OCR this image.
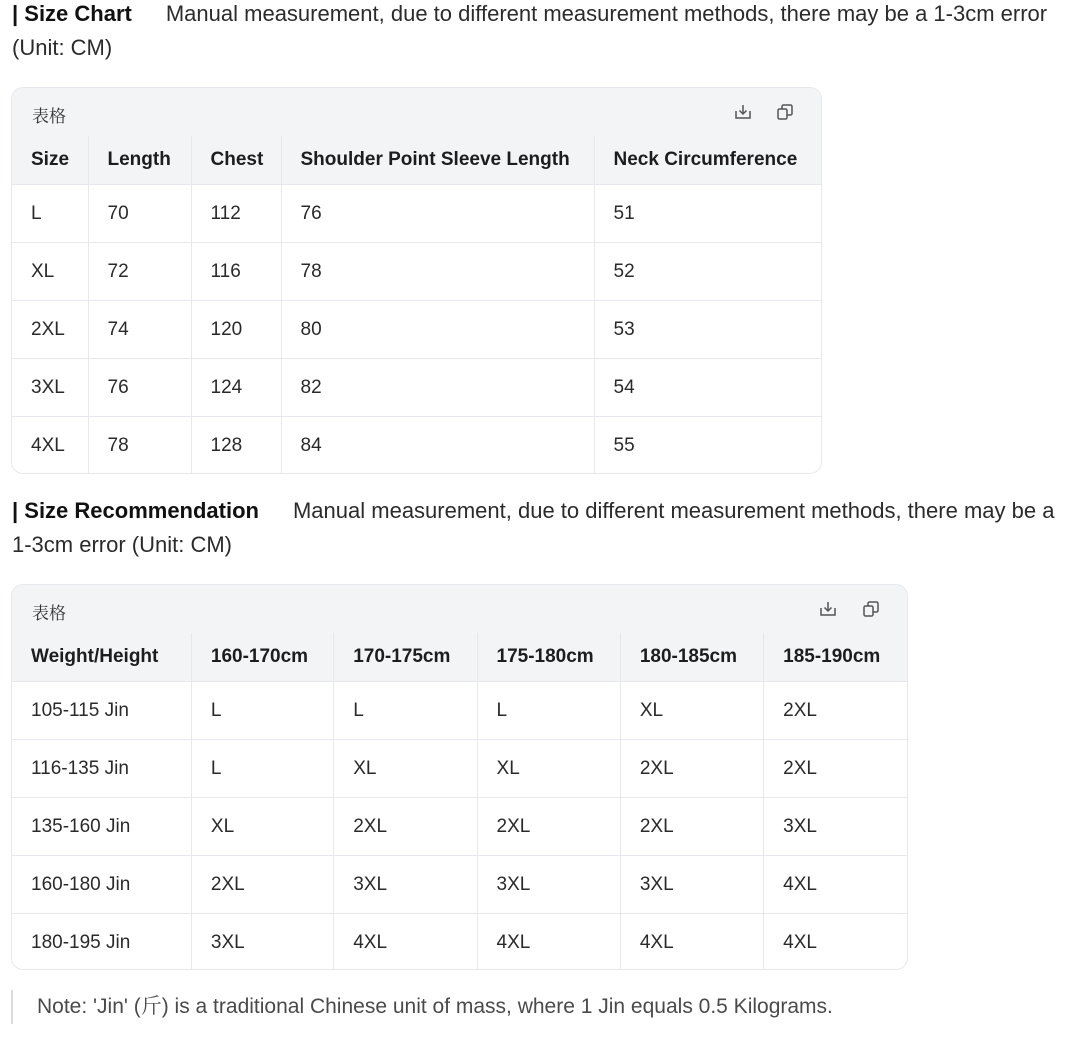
| Size Chart Manual measurement, due to different measurement methods, there may be a 1-3cm error (Unit: CM)
表格
Size	Length	Chest	Shoulder Point Sleeve Length	Neck Circumference
L	70	112	76	51
XL	72	116	78	52
2XL	74	120	80	53
3XL	76	124	82	54
4XL	78	128	84	55
| Size Recommendation Manual measurement, due to different measurement methods, there may be a 1-3cm error (Unit: CM)
表格
Weight/Height	160-170cm	170-175cm	175-180cm	180-185cm	185-190cm
105-115 Jin	L	L	L	XL	2XL
116-135 Jin	L	XL	XL	2XL	2XL
135-160 Jin	XL	2XL	2XL	2XL	3XL
160-180 Jin	2XL	3XL	3XL	3XL	4XL
180-195 Jin	3XL	4XL	4XL	4XL	4XL
Note: 'Jin' (斤) is a traditional Chinese unit of mass, where 1 Jin equals 0.5 Kilograms.
